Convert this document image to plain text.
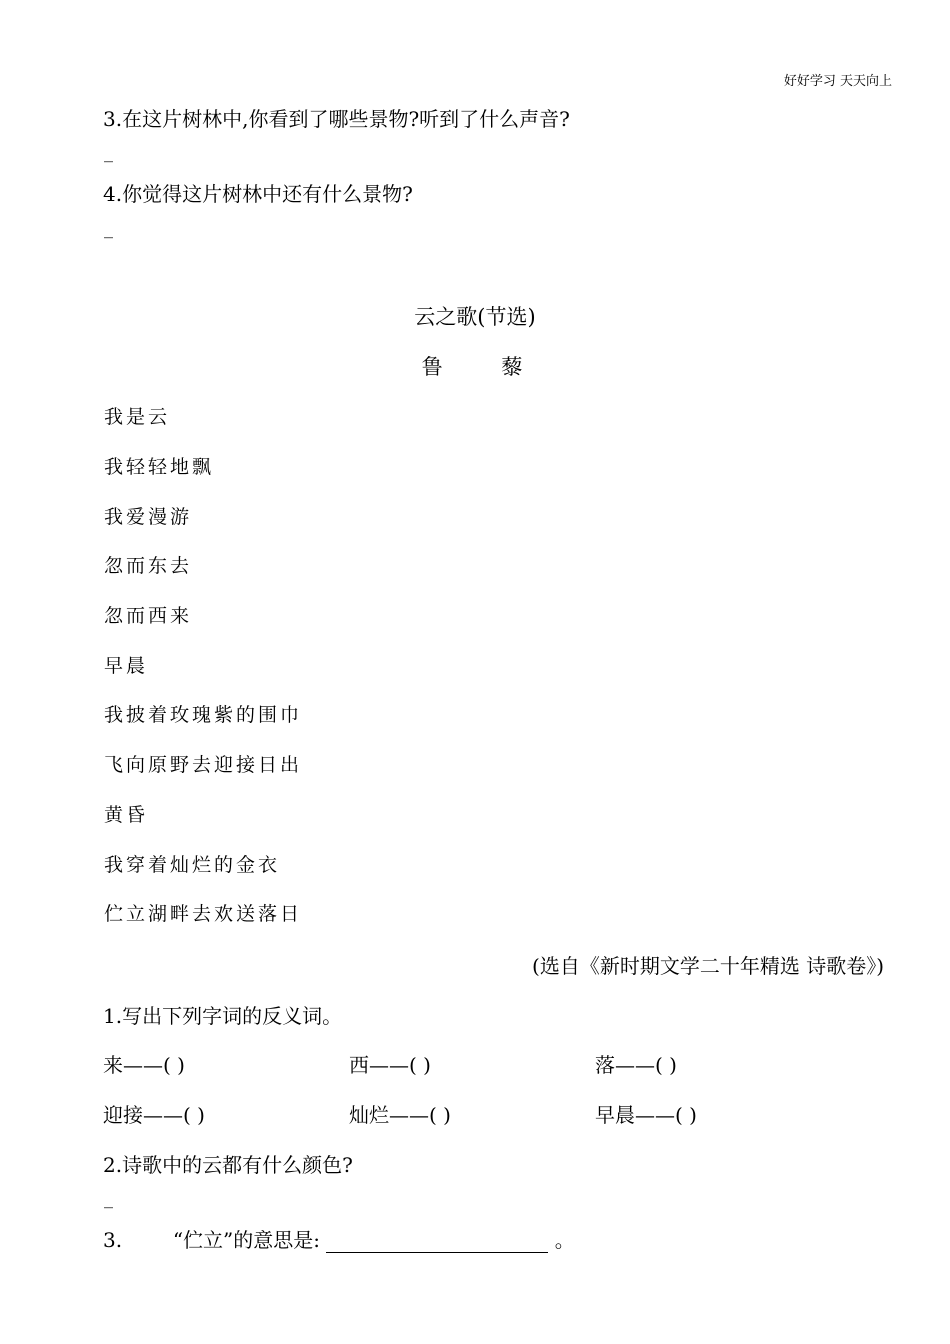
好好学习 天天向上
3.在这片树林中,你看到了哪些景物?听到了什么声音?
_
4.你觉得这片树林中还有什么景物?
_
云之歌(节选)
鲁 藜
我是云
我轻轻地飘
我爱漫游
忽而东去
忽而西来
早晨
我披着玫瑰紫的围巾
飞向原野去迎接日出
黄昏
我穿着灿烂的金衣
伫立湖畔去欢送落日
(选自《新时期文学二十年精选 诗歌卷》)
1.写出下列字词的反义词。
来——( )	西——( )	落——( )
迎接——( )	灿烂——( )	早晨——( )
2.诗歌中的云都有什么颜色?
_
3.	“伫立”的意思是:	。
